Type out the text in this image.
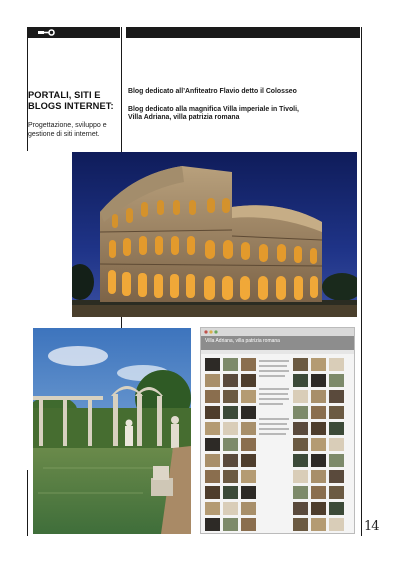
PORTALI, SITI E
BLOGS INTERNET:
Progettazione, sviluppo e
gestione di siti internet.
Blog dedicato all’Anfiteatro Flavio detto il Colosseo
Blog dedicato alla magnifica Villa imperiale in Tivoli,
Villa Adriana, villa patrizia romana
Villa Adriana, villa patrizia romana
14
